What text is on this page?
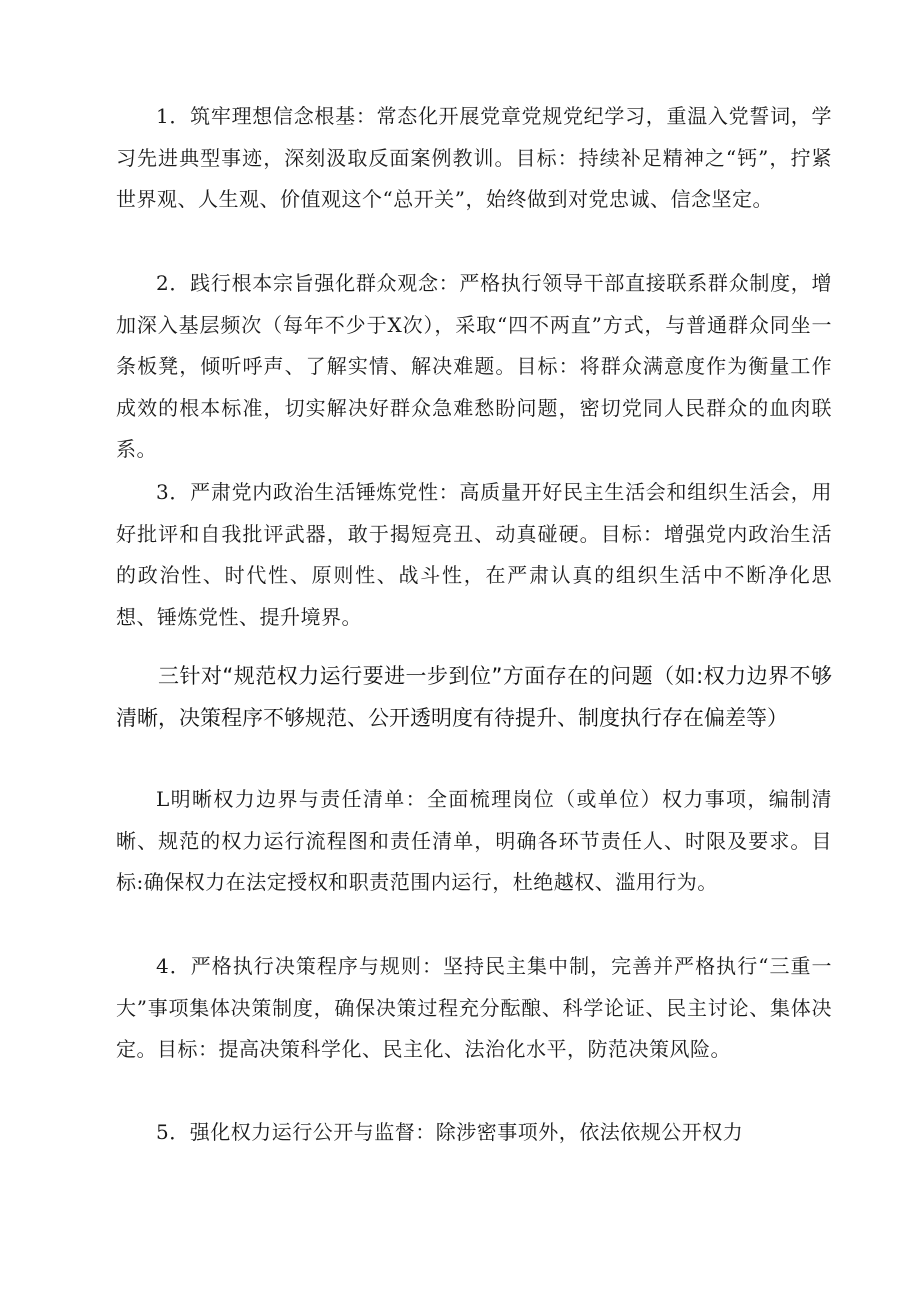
1．筑牢理想信念根基：常态化开展党章党规党纪学习，重温入党誓词，学习先进典型事迹，深刻汲取反面案例教训。目标：持续补足精神之“钙”，拧紧世界观、人生观、价值观这个“总开关”，始终做到对党忠诚、信念坚定。

2．践行根本宗旨强化群众观念：严格执行领导干部直接联系群众制度，增加深入基层频次（每年不少于X次），采取“四不两直”方式，与普通群众同坐一条板凳，倾听呼声、了解实情、解决难题。目标：将群众满意度作为衡量工作成效的根本标准，切实解决好群众急难愁盼问题，密切党同人民群众的血肉联系。

3．严肃党内政治生活锤炼党性：高质量开好民主生活会和组织生活会，用好批评和自我批评武器，敢于揭短亮丑、动真碰硬。目标：增强党内政治生活的政治性、时代性、原则性、战斗性，在严肃认真的组织生活中不断净化思想、锤炼党性、提升境界。

三针对“规范权力运行要进一步到位”方面存在的问题（如:权力边界不够清晰，决策程序不够规范、公开透明度有待提升、制度执行存在偏差等）

L明晰权力边界与责任清单：全面梳理岗位（或单位）权力事项，编制清晰、规范的权力运行流程图和责任清单，明确各环节责任人、时限及要求。目标:确保权力在法定授权和职责范围内运行，杜绝越权、滥用行为。

4．严格执行决策程序与规则：坚持民主集中制，完善并严格执行“三重一大”事项集体决策制度，确保决策过程充分酝酿、科学论证、民主讨论、集体决定。目标：提高决策科学化、民主化、法治化水平，防范决策风险。

5．强化权力运行公开与监督：除涉密事项外，依法依规公开权力
